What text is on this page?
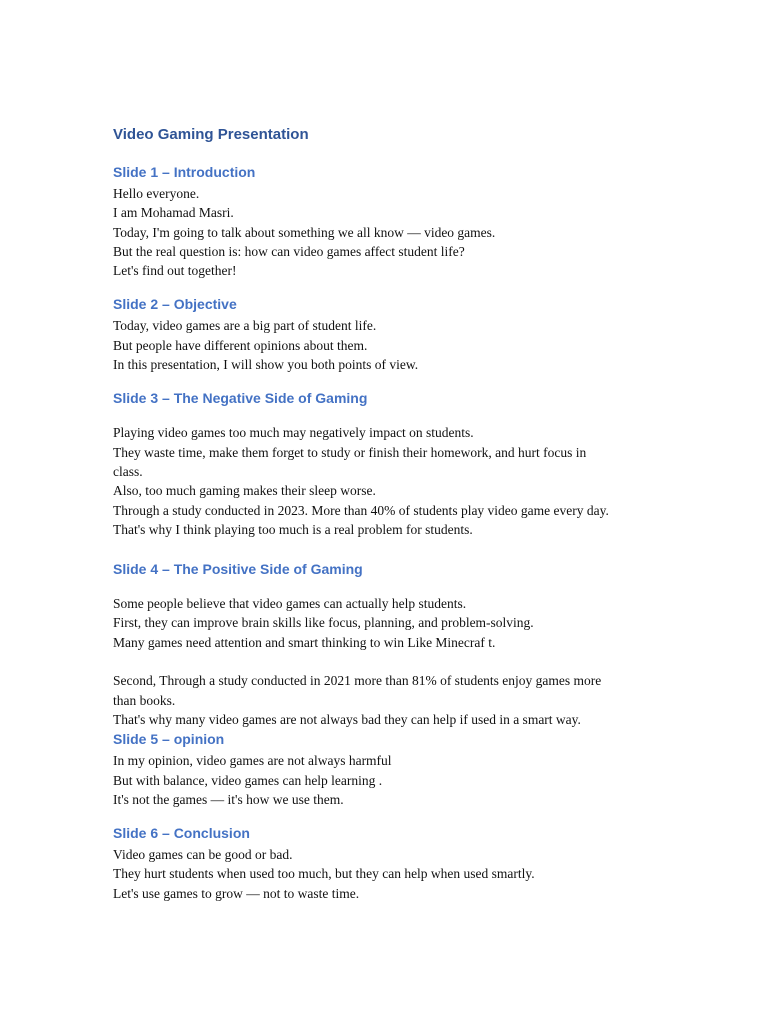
Video Gaming Presentation
Slide 1 – Introduction

Hello everyone.

I am Mohamad Masri.

Today, I'm going to talk about something we all know — video games.

But the real question is: how can video games affect student life?

Let's find out together!

Slide 2 – Objective

Today, video games are a big part of student life.

But people have different opinions about them.

In this presentation, I will show you both points of view.

Slide 3 – The Negative Side of Gaming

Playing video games too much may negatively impact on students.

They waste time, make them forget to study or finish their homework, and hurt focus in

class.

Also, too much gaming makes their sleep worse.

Through a study conducted in 2023. More than 40% of students play video game every day.

That's why I think playing too much is a real problem for students.

Slide 4 – The Positive Side of Gaming

Some people believe that video games can actually help students.

First, they can improve brain skills like focus, planning, and problem-solving.

Many games need attention and smart thinking to win Like Minecraf t.

Second, Through a study conducted in 2021 more than 81% of students enjoy games more

than books.

That's why many video games are not always bad they can help if used in a smart way.

Slide 5 – opinion

In my opinion, video games are not always harmful

But with balance, video games can help learning .

It's not the games — it's how we use them.

Slide 6 – Conclusion

Video games can be good or bad.

They hurt students when used too much, but they can help when used smartly.

Let's use games to grow — not to waste time.
